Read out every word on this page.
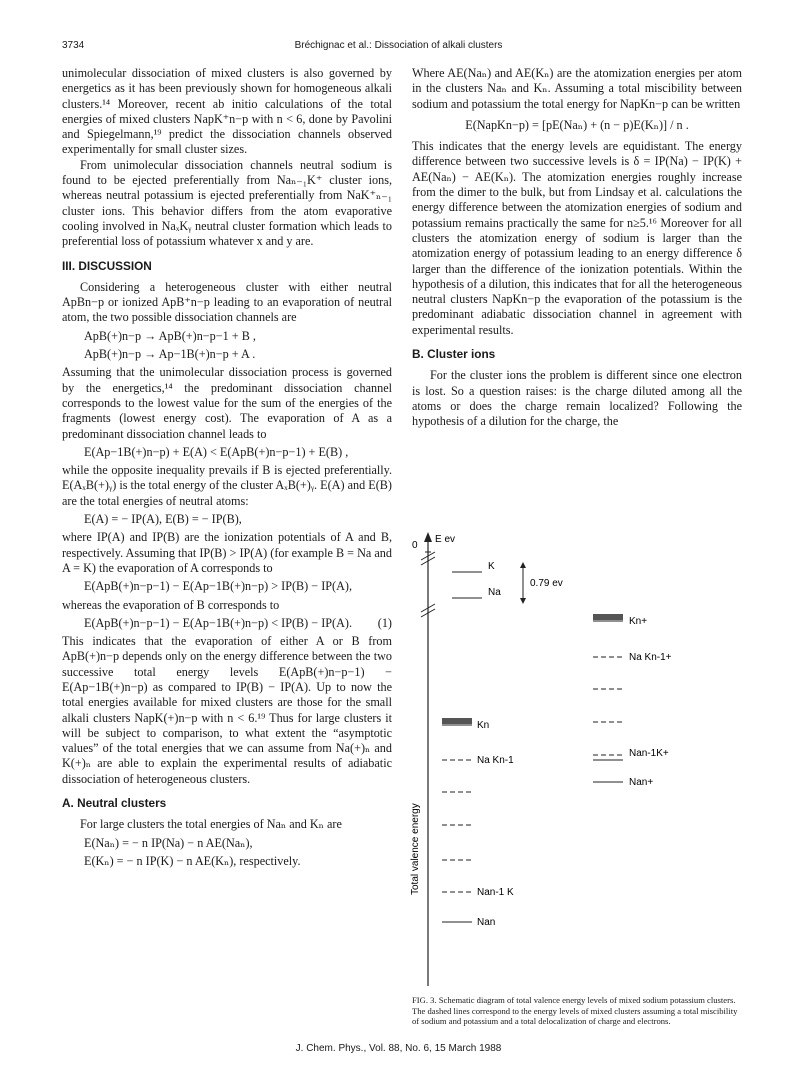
3734	Bréchignac et al.: Dissociation of alkali clusters

unimolecular dissociation of mixed clusters is also governed by energetics as it has been previously shown for homogeneous alkali clusters.¹⁴ Moreover, recent ab initio calculations of the total energies of mixed clusters NapK⁺n−p with n < 6, done by Pavolini and Spiegelmann,¹⁹ predict the dissociation channels observed experimentally for small cluster sizes.

From unimolecular dissociation channels neutral sodium is found to be ejected preferentially from Naₙ₋₁K⁺ cluster ions, whereas neutral potassium is ejected preferentially from NaK⁺ₙ₋₁ cluster ions. This behavior differs from the atom evaporative cooling involved in NaₓKᵧ neutral cluster formation which leads to preferential loss of potassium whatever x and y are.

III. DISCUSSION

Considering a heterogeneous cluster with either neutral ApBn−p or ionized ApB⁺n−p leading to an evaporation of neutral atom, the two possible dissociation channels are

ApB(+)n−p → ApB(+)n−p−1 + B ,
ApB(+)n−p → Ap−1B(+)n−p + A .

Assuming that the unimolecular dissociation process is governed by the energetics,¹⁴ the predominant dissociation channel corresponds to the lowest value for the sum of the energies of the fragments (lowest energy cost). The evaporation of A as a predominant dissociation channel leads to

E(Ap−1B(+)n−p) + E(A) < E(ApB(+)n−p−1) + E(B) ,

while the opposite inequality prevails if B is ejected preferentially. E(AₓB(+)ᵧ) is the total energy of the cluster AₓB(+)ᵧ. E(A) and E(B) are the total energies of neutral atoms:

E(A) = − IP(A), E(B) = − IP(B),

where IP(A) and IP(B) are the ionization potentials of A and B, respectively. Assuming that IP(B) > IP(A) (for example B = Na and A = K) the evaporation of A corresponds to

E(ApB(+)n−p−1) − E(Ap−1B(+)n−p) > IP(B) − IP(A),

whereas the evaporation of B corresponds to

E(ApB(+)n−p−1) − E(Ap−1B(+)n−p) < IP(B) − IP(A). (1)

This indicates that the evaporation of either A or B from ApB(+)n−p depends only on the energy difference between the two successive total energy levels E(ApB(+)n−p−1) − E(Ap−1B(+)n−p) as compared to IP(B) − IP(A). Up to now the total energies available for mixed clusters are those for the small alkali clusters NapK(+)n−p with n < 6.¹⁹ Thus for large clusters it will be subject to comparison, to what extent the “asymptotic values” of the total energies that we can assume from Na(+)ₙ and K(+)ₙ are able to explain the experimental results of adiabatic dissociation of heterogeneous clusters.

A. Neutral clusters

For large clusters the total energies of Naₙ and Kₙ are

E(Naₙ) = − n IP(Na) − n AE(Naₙ),
E(Kₙ) = − n IP(K) − n AE(Kₙ), respectively.

Where AE(Naₙ) and AE(Kₙ) are the atomization energies per atom in the clusters Naₙ and Kₙ. Assuming a total miscibility between sodium and potassium the total energy for NapKn−p can be written

E(NapKn−p) = [pE(Naₙ) + (n − p)E(Kₙ)] / n .

This indicates that the energy levels are equidistant. The energy difference between two successive levels is δ = IP(Na) − IP(K) + AE(Naₙ) − AE(Kₙ). The atomization energies roughly increase from the dimer to the bulk, but from Lindsay et al. calculations the energy difference between the atomization energies of sodium and potassium remains practically the same for n≥5.¹⁶ Moreover for all clusters the atomization energy of sodium is larger than the atomization energy of potassium leading to an energy difference δ larger than the difference of the ionization potentials. Within the hypothesis of a dilution, this indicates that for all the heterogeneous neutral clusters NapKn−p the evaporation of the potassium is the predominant adiabatic dissociation channel in agreement with experimental results.

B. Cluster ions

For the cluster ions the problem is different since one electron is lost. So a question raises: is the charge diluted among all the atoms or does the charge remain localized? Following the hypothesis of a dilution for the charge, the

E ev
0
Total valence energy
K
Na
0.79 ev
Kn+
Na Kn-1+
Nan-1K+
Nan+
Kn
Na Kn-1
Nan-1 K
Nan
FIG. 3. Schematic diagram of total valence energy levels of mixed sodium potassium clusters. The dashed lines correspond to the energy levels of mixed clusters assuming a total miscibility of sodium and potassium and a total delocalization of charge and electrons.
J. Chem. Phys., Vol. 88, No. 6, 15 March 1988
